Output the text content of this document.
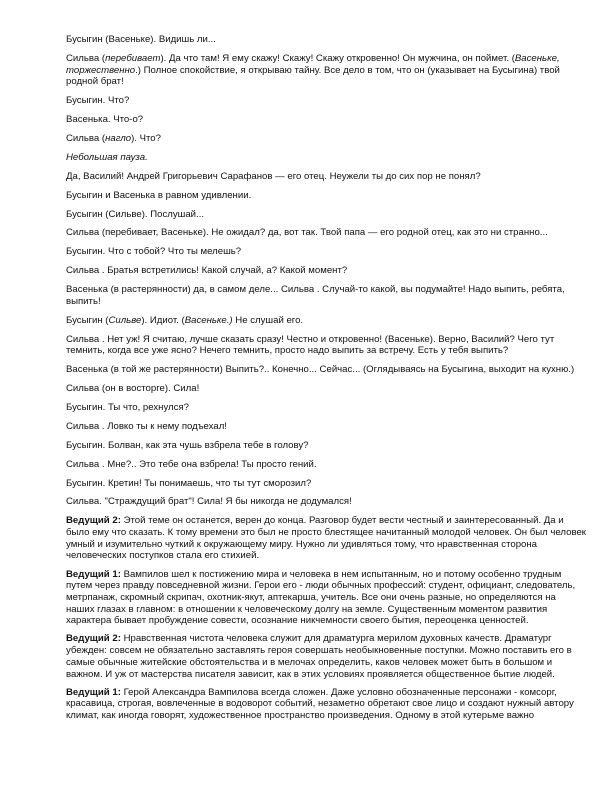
Бусыгин (Васеньке). Видишь ли...

Сильва (перебивает). Да что там! Я ему скажу! Скажу! Скажу откровенно! Он мужчина, он поймет. (Васеньке, торжественно.) Полное спокойствие, я открываю тайну. Все дело в том, что он (указывает на Бусыгина) твой родной брат!

Бусыгин. Что?

Васенька. Что-о?

Сильва (нагло). Что?

Небольшая пауза.

Да, Василий! Андрей Григорьевич Сарафанов — его отец. Неужели ты до сих пор не понял?

Бусыгин и Васенька в равном удивлении.

Бусыгин (Сильве). Послушай...

Сильва (перебивает, Васеньке). Не ожидал? да, вот так. Твой папа — его родной отец, как это ни странно...

Бусыгин. Что с тобой? Что ты мелешь?

Сильва . Братья встретились! Какой случай, а? Какой момент?

Васенька (в растерянности) да, в самом деле... Сильва . Случай-то какой, вы подумайте! Надо выпить, ребята, выпить!

Бусыгин (Сильве). Идиот. (Васеньке.) Не слушай его.

Сильва . Нет уж! Я считаю, лучше сказать сразу! Честно и откровенно! (Васеньке). Верно, Василий? Чего тут темнить, когда все уже ясно? Нечего темнить, просто надо выпить за встречу. Есть у тебя выпить?

Васенька (в той же растерянности) Выпить?.. Конечно... Сейчас... (Оглядываясь на Бусыгина, выходит на кухню.)

Сильва (он в восторге). Сила!

Бусыгин. Ты что, рехнулся?

Сильва . Ловко ты к нему подъехал!

Бусыгин. Болван, как эта чушь взбрела тебе в голову?

Сильва . Мне?.. Это тебе она взбрела! Ты просто гений.

Бусыгин. Кретин! Ты понимаешь, что ты тут сморозил?

Сильва. "Страждущий брат"! Сила! Я бы никогда не додумался!

Ведущий 2: Этой теме он останется, верен до конца. Разговор будет вести честный и заинтересованный. Да и было ему что сказать. К тому времени это был не просто блестящее начитанный молодой человек. Он был человек умный и изумительно чуткий к окружающему миру. Нужно ли удивляться тому, что нравственная сторона человеческих поступков стала его стихией.

Ведущий 1: Вампилов шел к постижению мира и человека в нем испытанным, но и потому особенно трудным путем через правду повседневной жизни. Герои его - люди обычных профессий: студент, официант, следователь, метрпанаж, скромный скрипач, охотник-якут, аптекарша, учитель. Все они очень разные, но определяются на наших глазах в главном: в отношении к человеческому долгу на земле. Существенным моментом развития характера бывает пробуждение совести, осознание никчемности своего бытия, переоценка ценностей.

Ведущий 2: Нравственная чистота человека служит для драматурга мерилом духовных качеств. Драматург убежден: совсем не обязательно заставлять героя совершать необыкновенные поступки. Можно поставить его в самые обычные житейские обстоятельства и в мелочах определить, каков человек может быть в большом и важном. И уж от мастерства писателя зависит, как в этих условиях проявляется общественное бытие людей.

Ведущий 1: Герой Александра Вампилова всегда сложен. Даже условно обозначенные персонажи - комсорг, красавица, строгая, вовлеченные в водоворот событий, незаметно обретают свое лицо и создают нужный автору климат, как иногда говорят, художественное пространство произведения. Одному в этой кутерьме важно
